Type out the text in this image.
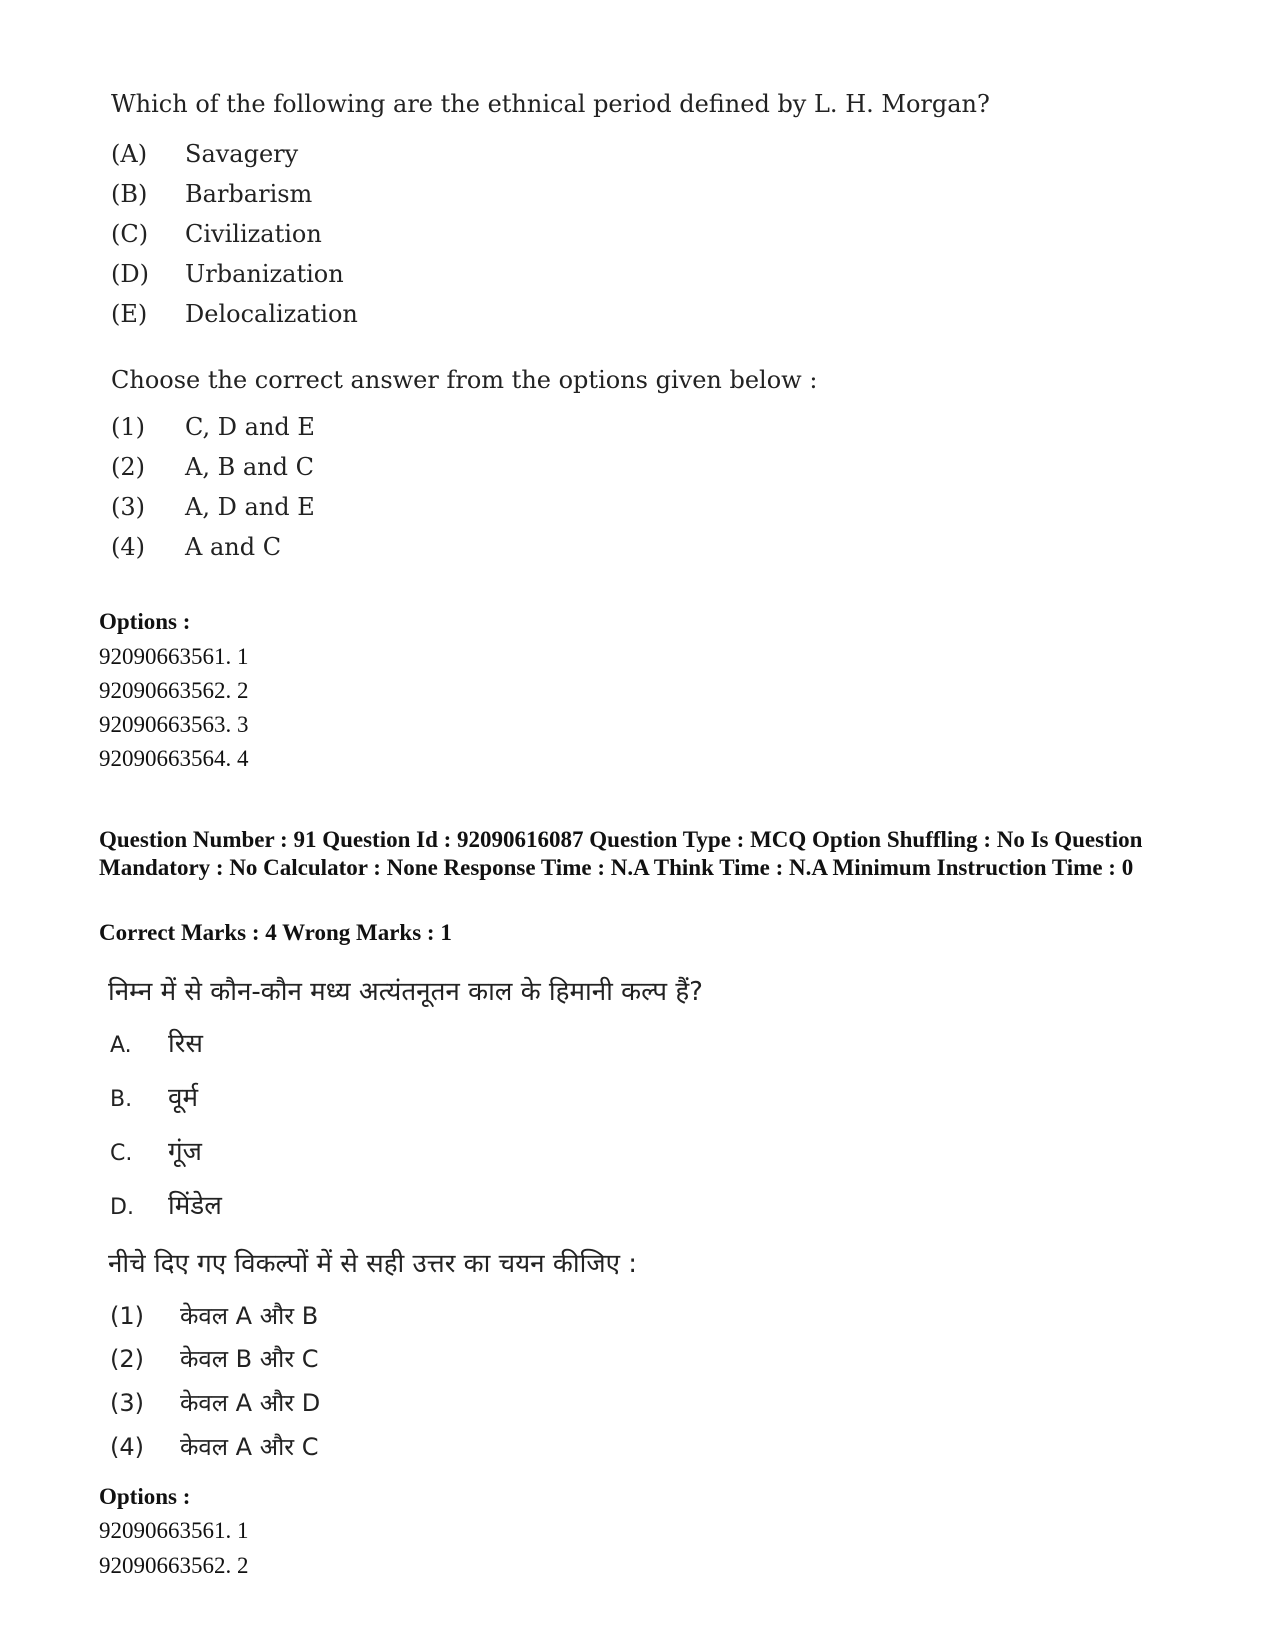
Which of the following are the ethnical period defined by L. H. Morgan?
(A) Savagery
(B) Barbarism
(C) Civilization
(D) Urbanization
(E) Delocalization
Choose the correct answer from the options given below :
(1) C, D and E
(2) A, B and C
(3) A, D and E
(4) A and C
Options :
92090663561. 1
92090663562. 2
92090663563. 3
92090663564. 4
Question Number : 91 Question Id : 92090616087 Question Type : MCQ Option Shuffling : No Is Question Mandatory : No Calculator : None Response Time : N.A Think Time : N.A Minimum Instruction Time : 0
Correct Marks : 4 Wrong Marks : 1
निम्न में से कौन-कौन मध्य अत्यंतनूतन काल के हिमानी कल्प हैं?
A. रिस
B. वूर्म
C. गूंज
D. मिंडेल
नीचे दिए गए विकल्पों में से सही उत्तर का चयन कीजिए :
(1) केवल A और B
(2) केवल B और C
(3) केवल A और D
(4) केवल A और C
Options :
92090663561. 1
92090663562. 2
